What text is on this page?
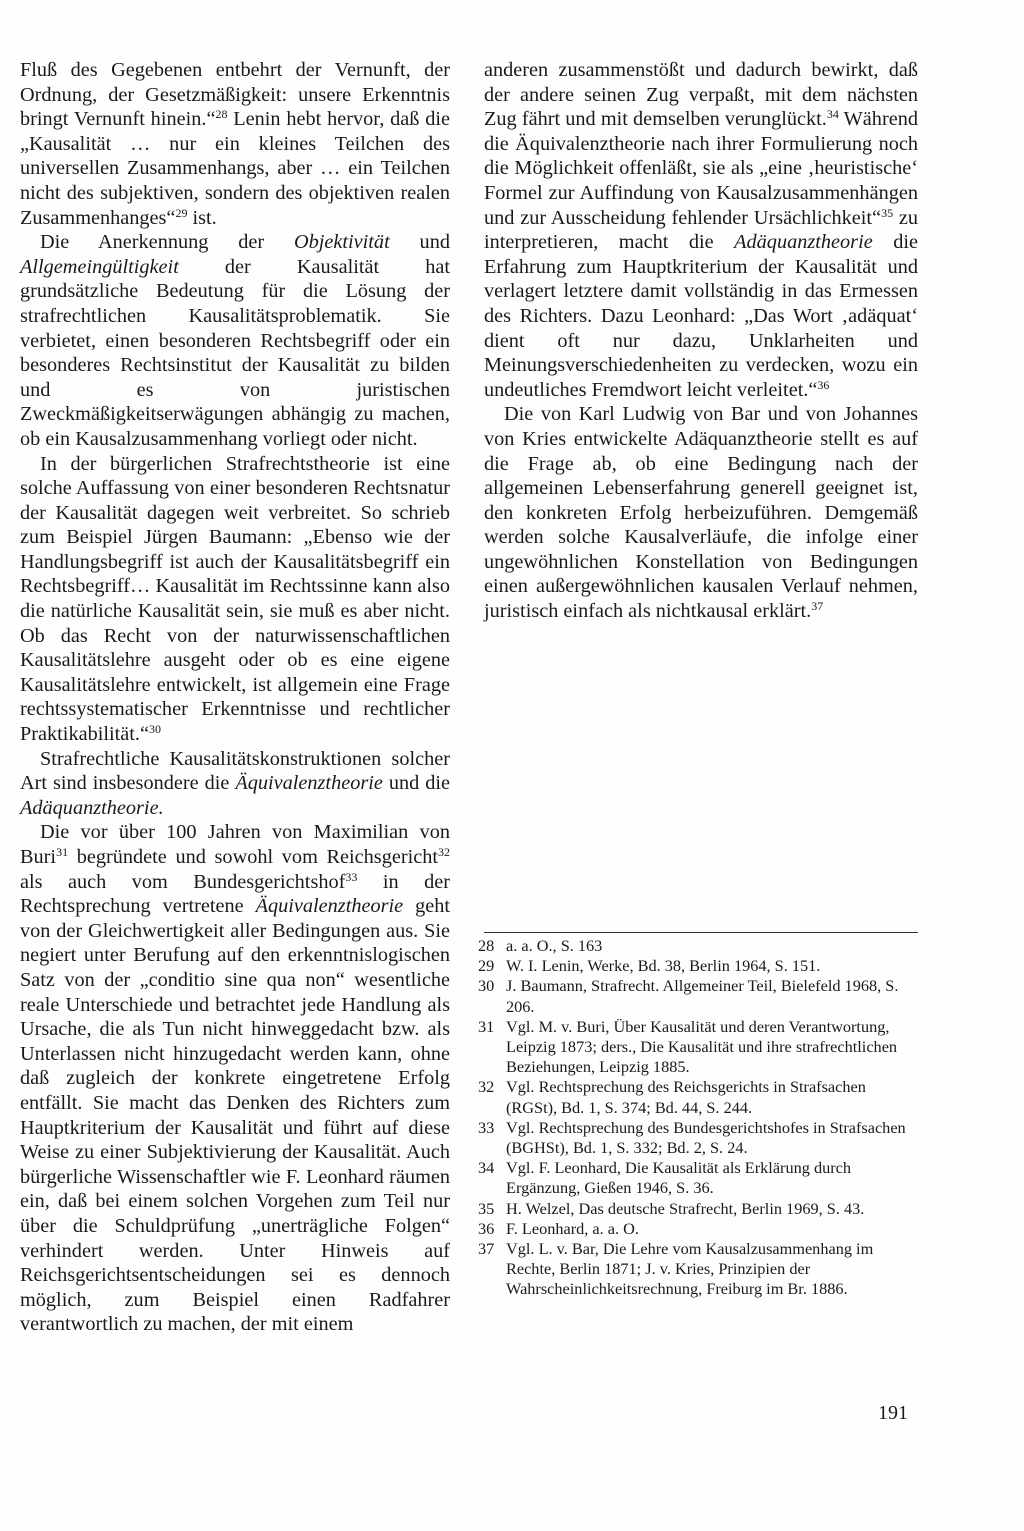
Fluß des Gegebenen entbehrt der Vernunft, der Ordnung, der Gesetzmäßigkeit: unsere Erkenntnis bringt Vernunft hinein.“$^{28}$ Lenin hebt hervor, daß die „Kausalität … nur ein kleines Teilchen des universellen Zusammenhangs, aber … ein Teilchen nicht des subjektiven, sondern des objektiven realen Zusammenhanges“$^{29}$ ist.

Die Anerkennung der Objektivität und Allgemeingültigkeit der Kausalität hat grundsätzliche Bedeutung für die Lösung der strafrechtlichen Kausalitätsproblematik. Sie verbietet, einen besonderen Rechtsbegriff oder ein besonderes Rechtsinstitut der Kausalität zu bilden und es von juristischen Zweckmäßigkeitserwägungen abhängig zu machen, ob ein Kausalzusammenhang vorliegt oder nicht.

In der bürgerlichen Strafrechtstheorie ist eine solche Auffassung von einer besonderen Rechtsnatur der Kausalität dagegen weit verbreitet. So schrieb zum Beispiel Jürgen Baumann: „Ebenso wie der Handlungsbegriff ist auch der Kausalitätsbegriff ein Rechtsbegriff… Kausalität im Rechtssinne kann also die natürliche Kausalität sein, sie muß es aber nicht. Ob das Recht von der naturwissenschaftlichen Kausalitätslehre ausgeht oder ob es eine eigene Kausalitätslehre entwickelt, ist allgemein eine Frage rechtssystematischer Erkenntnisse und rechtlicher Praktikabilität.“$^{30}$

Strafrechtliche Kausalitätskonstruktionen solcher Art sind insbesondere die Äquivalenztheorie und die Adäquanztheorie.

Die vor über 100 Jahren von Maximilian von Buri$^{31}$ begründete und sowohl vom Reichsgericht$^{32}$ als auch vom Bundesgerichtshof$^{33}$ in der Rechtsprechung vertretene Äquivalenztheorie geht von der Gleichwertigkeit aller Bedingungen aus. Sie negiert unter Berufung auf den erkenntnislogischen Satz von der „conditio sine qua non“ wesentliche reale Unterschiede und betrachtet jede Handlung als Ursache, die als Tun nicht hinweggedacht bzw. als Unterlassen nicht hinzugedacht werden kann, ohne daß zugleich der konkrete eingetretene Erfolg entfällt. Sie macht das Denken des Richters zum Hauptkriterium der Kausalität und führt auf diese Weise zu einer Subjektivierung der Kausalität. Auch bürgerliche Wissenschaftler wie F. Leonhard räumen ein, daß bei einem solchen Vorgehen zum Teil nur über die Schuldprüfung „unerträgliche Folgen“ verhindert werden. Unter Hinweis auf Reichsgerichtsentscheidungen sei es dennoch möglich, zum Beispiel einen Radfahrer verantwortlich zu machen, der mit einem

anderen zusammenstößt und dadurch bewirkt, daß der andere seinen Zug verpaßt, mit dem nächsten Zug fährt und mit demselben verunglückt.$^{34}$ Während die Äquivalenztheorie nach ihrer Formulierung noch die Möglichkeit offenläßt, sie als „eine ‚heuristische‘ Formel zur Auffindung von Kausalzusammenhängen und zur Ausscheidung fehlender Ursächlichkeit“$^{35}$ zu interpretieren, macht die Adäquanztheorie die Erfahrung zum Hauptkriterium der Kausalität und verlagert letztere damit vollständig in das Ermessen des Richters. Dazu Leonhard: „Das Wort ‚adäquat‘ dient oft nur dazu, Unklarheiten und Meinungsverschiedenheiten zu verdecken, wozu ein undeutliches Fremdwort leicht verleitet.“$^{36}$

Die von Karl Ludwig von Bar und von Johannes von Kries entwickelte Adäquanztheorie stellt es auf die Frage ab, ob eine Bedingung nach der allgemeinen Lebenserfahrung generell geeignet ist, den konkreten Erfolg herbeizuführen. Demgemäß werden solche Kausalverläufe, die infolge einer ungewöhnlichen Konstellation von Bedingungen einen außergewöhnlichen kausalen Verlauf nehmen, juristisch einfach als nichtkausal erklärt.$^{37}$

28 a. a. O., S. 163
29 W. I. Lenin, Werke, Bd. 38, Berlin 1964, S. 151.
30 J. Baumann, Strafrecht. Allgemeiner Teil, Bielefeld 1968, S. 206.
31 Vgl. M. v. Buri, Über Kausalität und deren Verantwortung, Leipzig 1873; ders., Die Kausalität und ihre strafrechtlichen Beziehungen, Leipzig 1885.
32 Vgl. Rechtsprechung des Reichsgerichts in Strafsachen (RGSt), Bd. 1, S. 374; Bd. 44, S. 244.
33 Vgl. Rechtsprechung des Bundesgerichtshofes in Strafsachen (BGHSt), Bd. 1, S. 332; Bd. 2, S. 24.
34 Vgl. F. Leonhard, Die Kausalität als Erklärung durch Ergänzung, Gießen 1946, S. 36.
35 H. Welzel, Das deutsche Strafrecht, Berlin 1969, S. 43.
36 F. Leonhard, a. a. O.
37 Vgl. L. v. Bar, Die Lehre vom Kausalzusammenhang im Rechte, Berlin 1871; J. v. Kries, Prinzipien der Wahrscheinlichkeitsrechnung, Freiburg im Br. 1886.
191
